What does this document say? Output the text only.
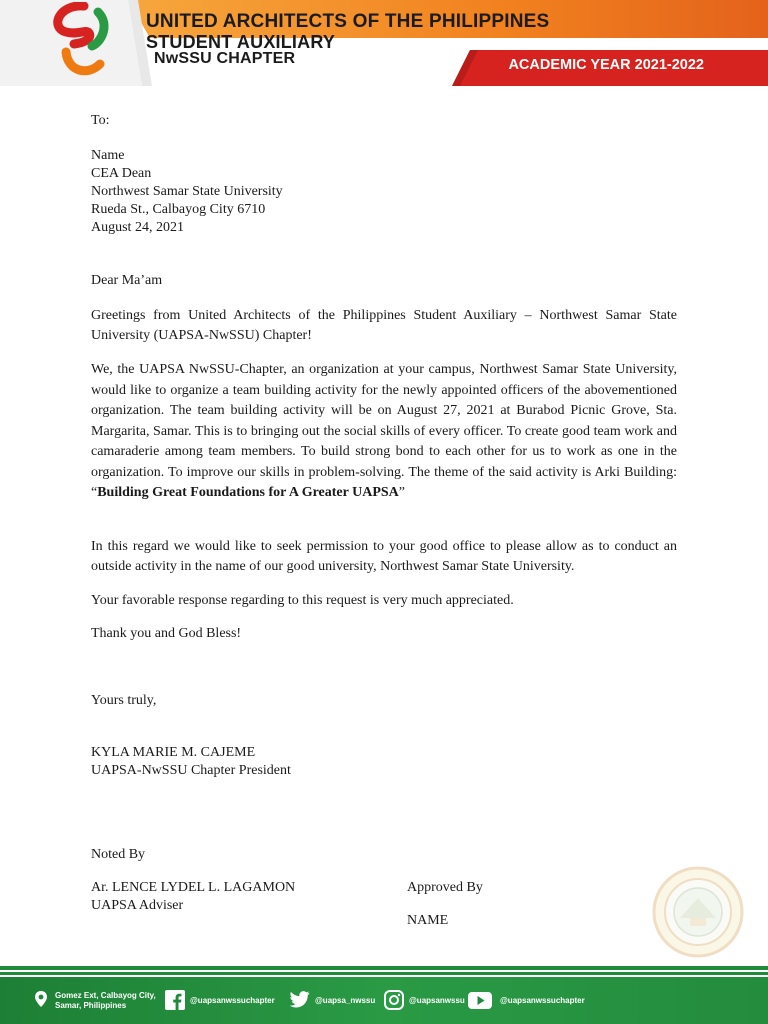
UNITED ARCHITECTS OF THE PHILIPPINES
STUDENT AUXILIARY
NwSSU CHAPTER	ACADEMIC YEAR 2021-2022
To:
Name
CEA Dean
Northwest Samar State University
Rueda St., Calbayog City 6710
August 24, 2021
Dear Ma’am
Greetings from United Architects of the Philippines Student Auxiliary – Northwest Samar State University (UAPSA-NwSSU) Chapter!
We, the UAPSA NwSSU-Chapter, an organization at your campus, Northwest Samar State University, would like to organize a team building activity for the newly appointed officers of the abovementioned organization. The team building activity will be on August 27, 2021 at Burabod Picnic Grove, Sta. Margarita, Samar. This is to bringing out the social skills of every officer. To create good team work and camaraderie among team members. To build strong bond to each other for us to work as one in the organization. To improve our skills in problem-solving. The theme of the said activity is Arki Building: “Building Great Foundations for A Greater UAPSA”
In this regard we would like to seek permission to your good office to please allow as to conduct an outside activity in the name of our good university, Northwest Samar State University.
Your favorable response regarding to this request is very much appreciated.
Thank you and God Bless!
Yours truly,
KYLA MARIE M. CAJEME
UAPSA-NwSSU Chapter President
Noted By
Ar. LENCE LYDEL L. LAGAMON
UAPSA Adviser
Approved By
NAME
Gomez Ext, Calbayog City,
Samar, Philippines
@uapsanwssuchapter	@uapsa_nwssu	@uapsanwssu	@uapsanwssuchapter
